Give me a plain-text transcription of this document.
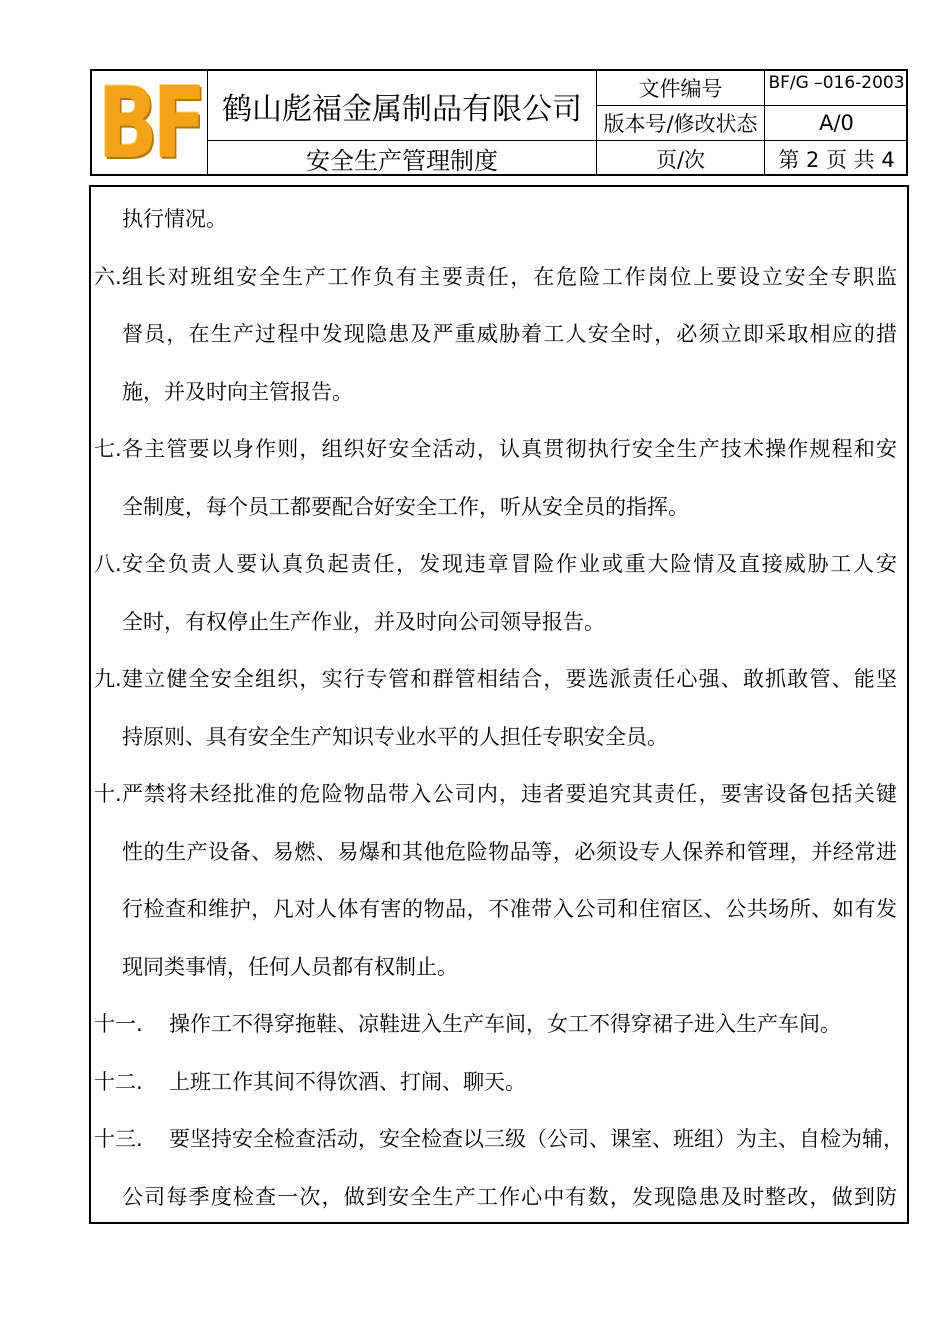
BF 鹤山彪福金属制品有限公司
安全生产管理制度
文件编号
版本号/修改状态
页/次
BF/G –016-2003
A/0
第 2 页 共 4
执行情况。
六. 组长对班组安全生产工作负有主要责任，在危险工作岗位上要设立安全专职监
督员，在生产过程中发现隐患及严重威胁着工人安全时，必须立即采取相应的措
施，并及时向主管报告。
七. 各主管要以身作则，组织好安全活动，认真贯彻执行安全生产技术操作规程和安
全制度，每个员工都要配合好安全工作，听从安全员的指挥。
八. 安全负责人要认真负起责任，发现违章冒险作业或重大险情及直接威胁工人安
全时，有权停止生产作业，并及时向公司领导报告。
九. 建立健全安全组织，实行专管和群管相结合，要选派责任心强、敢抓敢管、能坚
持原则、具有安全生产知识专业水平的人担任专职安全员。
十. 严禁将未经批准的危险物品带入公司内，违者要追究其责任，要害设备包括关键
性的生产设备、易燃、易爆和其他危险物品等，必须设专人保养和管理，并经常进
行检查和维护，凡对人体有害的物品，不准带入公司和住宿区、公共场所、如有发
现同类事情，任何人员都有权制止。
十一. 操作工不得穿拖鞋、凉鞋进入生产车间，女工不得穿裙子进入生产车间。
十二. 上班工作其间不得饮酒、打闹、聊天。
十三. 要坚持安全检查活动，安全检查以三级（公司、课室、班组）为主、自检为辅，
公司每季度检查一次，做到安全生产工作心中有数，发现隐患及时整改，做到防
